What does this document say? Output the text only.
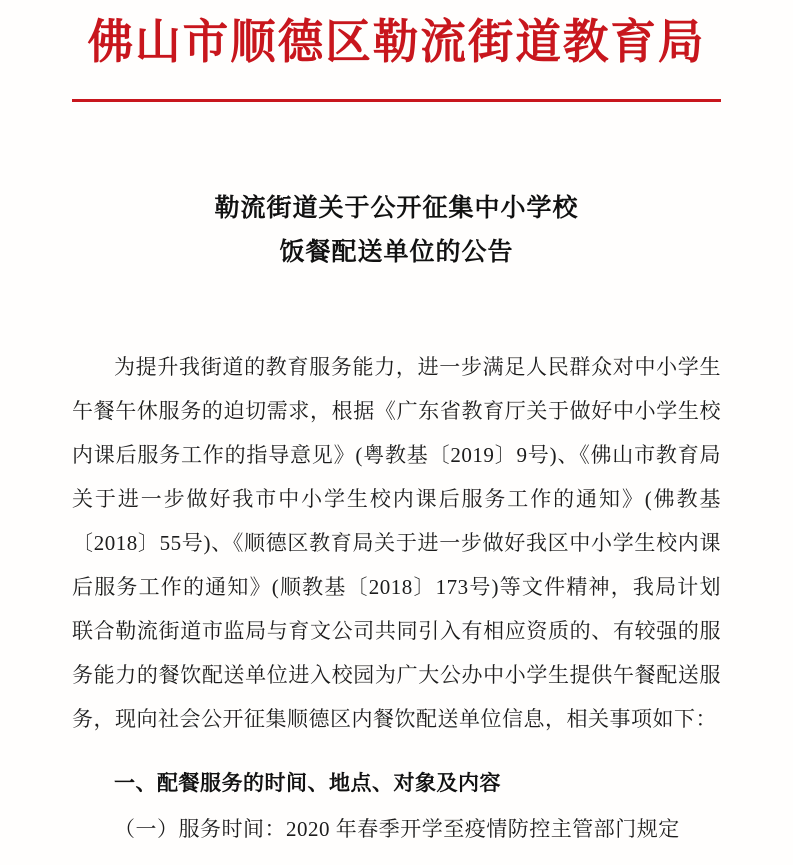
佛山市顺德区勒流街道教育局
勒流街道关于公开征集中小学校
饭餐配送单位的公告

为提升我街道的教育服务能力，进一步满足人民群众对中小学生午餐午休服务的迫切需求，根据《广东省教育厅关于做好中小学生校内课后服务工作的指导意见》(粤教基〔2019〕9号)、《佛山市教育局关于进一步做好我市中小学生校内课后服务工作的通知》(佛教基〔2018〕55号)、《顺德区教育局关于进一步做好我区中小学生校内课后服务工作的通知》(顺教基〔2018〕173号)等文件精神，我局计划联合勒流街道市监局与育文公司共同引入有相应资质的、有较强的服务能力的餐饮配送单位进入校园为广大公办中小学生提供午餐配送服务，现向社会公开征集顺德区内餐饮配送单位信息，相关事项如下：

一、配餐服务的时间、地点、对象及内容
（一）服务时间：2020 年春季开学至疫情防控主管部门规定
